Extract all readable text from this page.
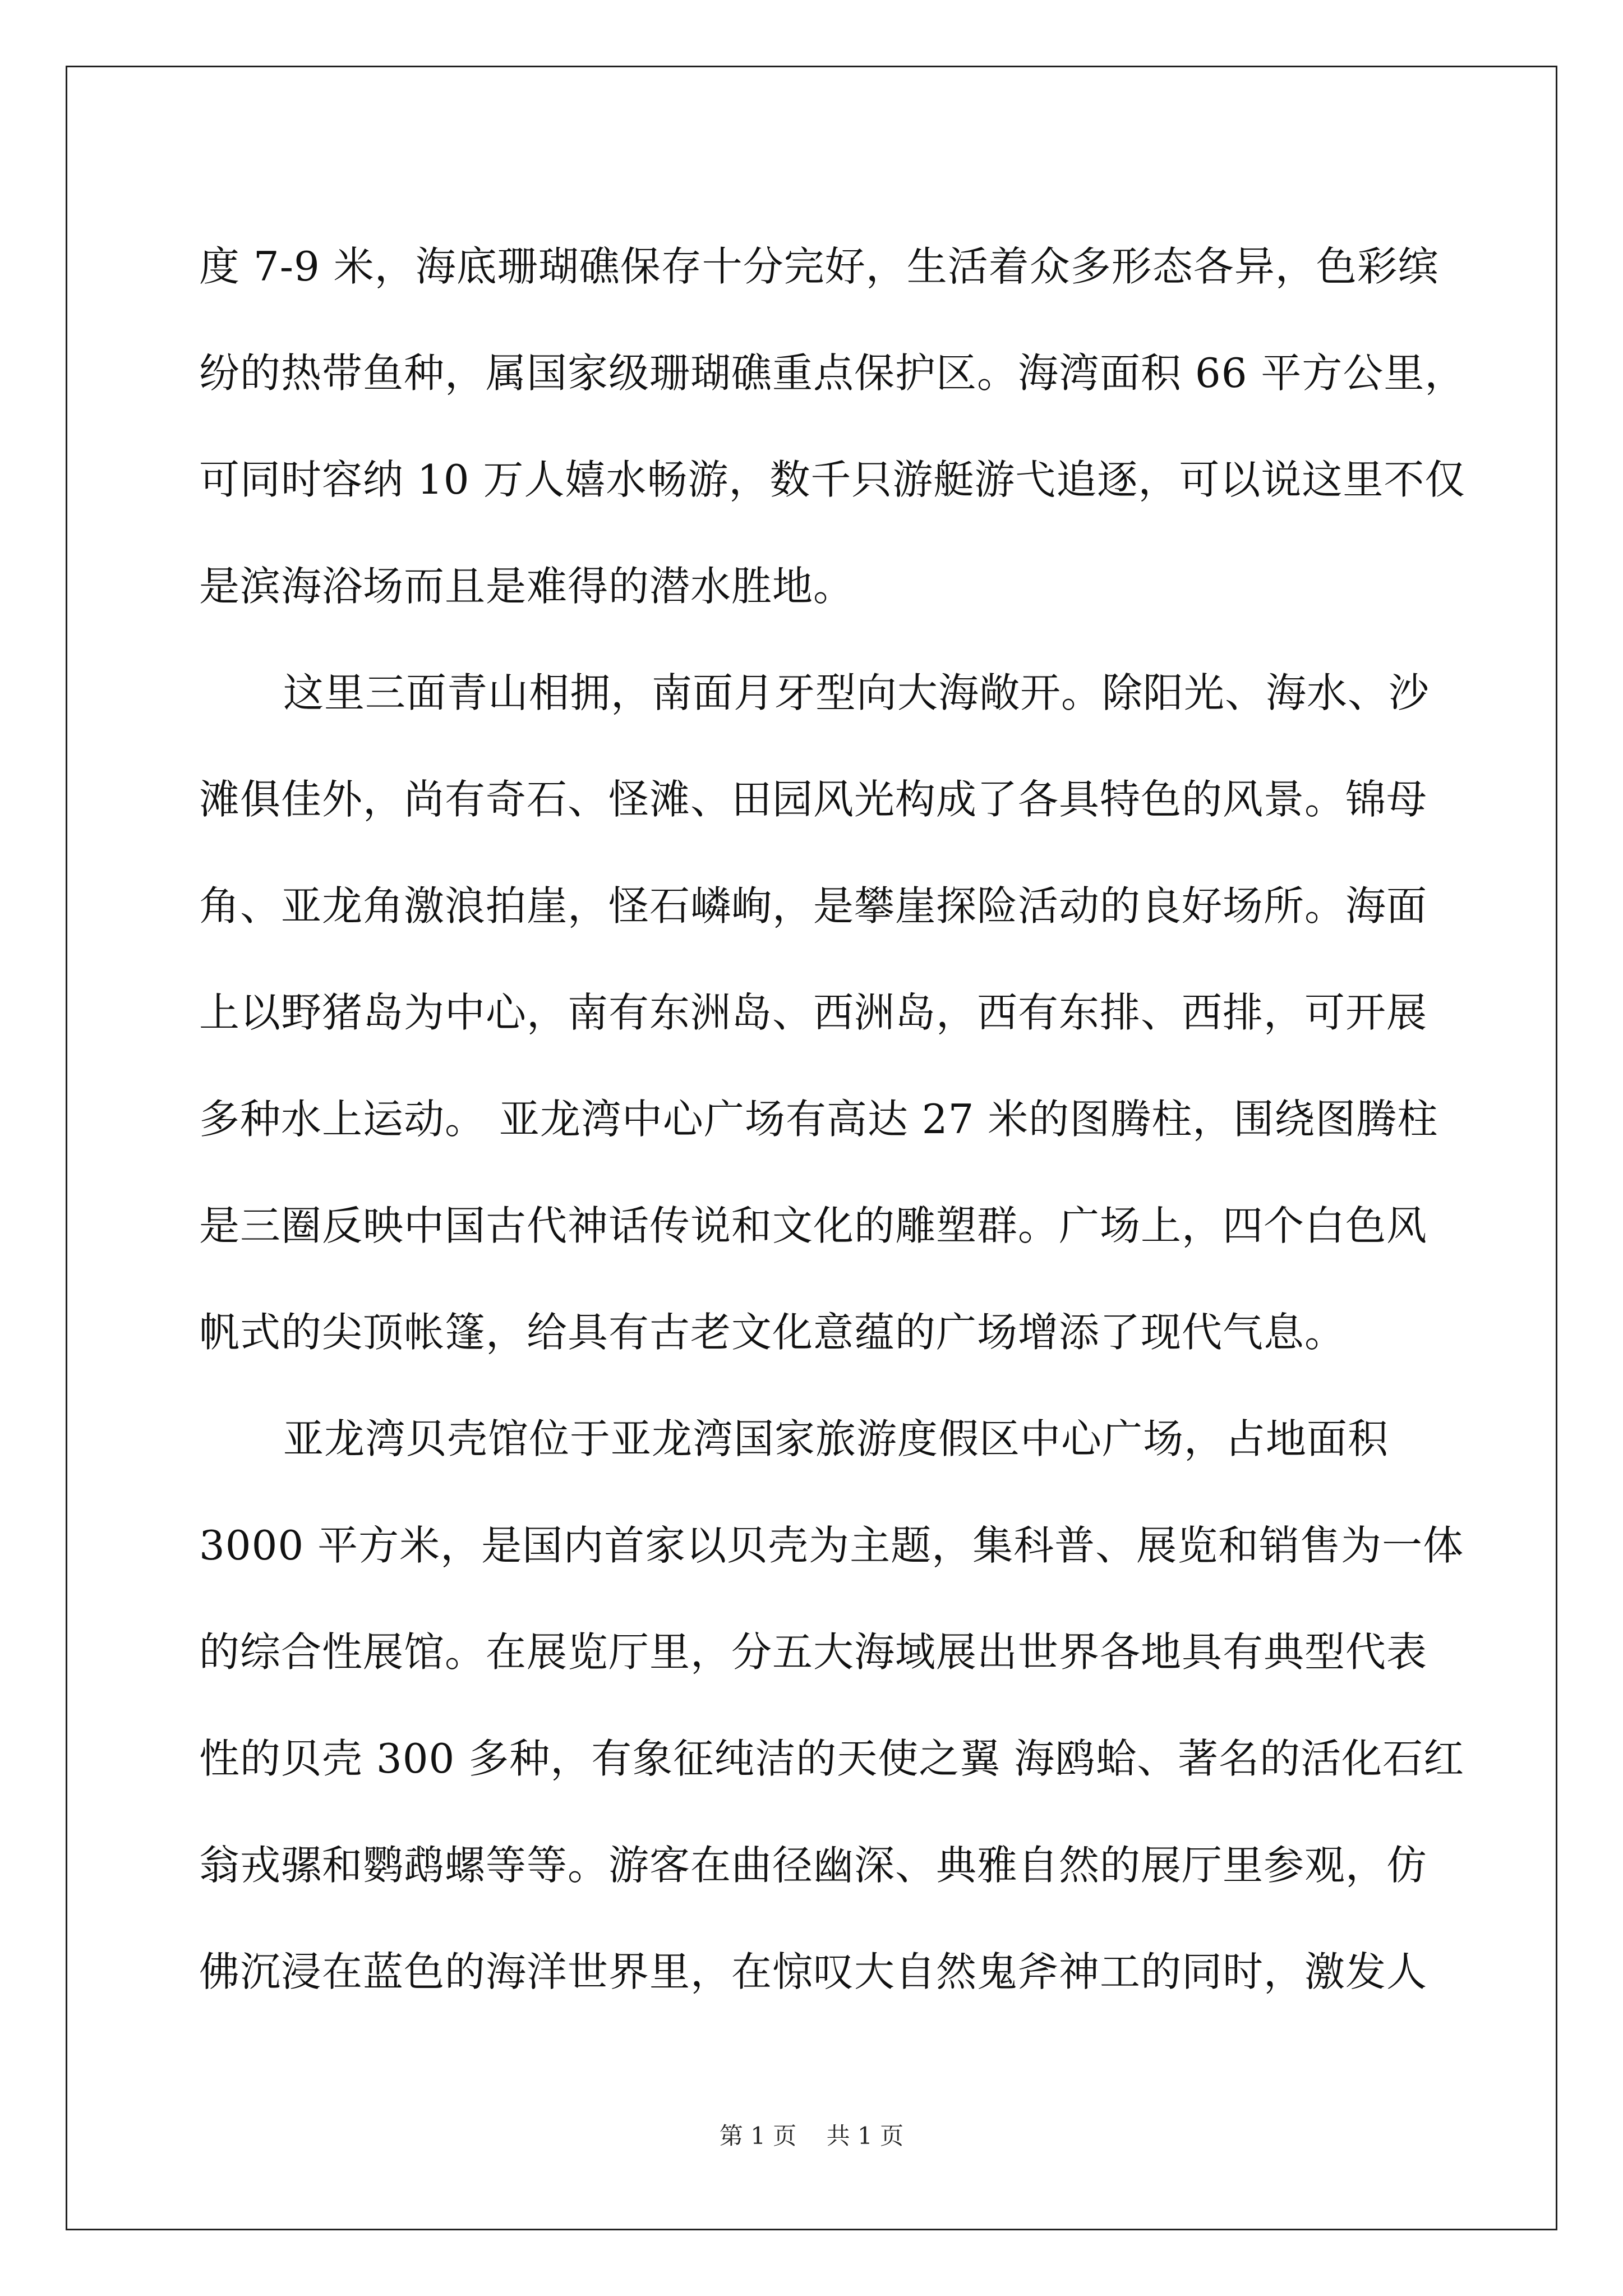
度 7-9 米，海底珊瑚礁保存十分完好，生活着众多形态各异，色彩缤
纷的热带鱼种，属国家级珊瑚礁重点保护区。海湾面积 66 平方公里，
可同时容纳 10 万人嬉水畅游，数千只游艇游弋追逐，可以说这里不仅
是滨海浴场而且是难得的潜水胜地。
这里三面青山相拥，南面月牙型向大海敞开。除阳光、海水、沙
滩俱佳外，尚有奇石、怪滩、田园风光构成了各具特色的风景。锦母
角、亚龙角激浪拍崖，怪石嶙峋，是攀崖探险活动的良好场所。海面
上以野猪岛为中心，南有东洲岛、西洲岛，西有东排、西排，可开展
多种水上运动。 亚龙湾中心广场有高达 27 米的图腾柱，围绕图腾柱
是三圈反映中国古代神话传说和文化的雕塑群。广场上，四个白色风
帆式的尖顶帐篷，给具有古老文化意蕴的广场增添了现代气息。
亚龙湾贝壳馆位于亚龙湾国家旅游度假区中心广场，占地面积
3000 平方米，是国内首家以贝壳为主题，集科普、展览和销售为一体
的综合性展馆。在展览厅里，分五大海域展出世界各地具有典型代表
性的贝壳 300 多种，有象征纯洁的天使之翼 海鸥蛤、著名的活化石红
翁戎骡和鹦鹉螺等等。游客在曲径幽深、典雅自然的展厅里参观，仿
佛沉浸在蓝色的海洋世界里，在惊叹大自然鬼斧神工的同时，激发人
第 1 页 共 1 页
